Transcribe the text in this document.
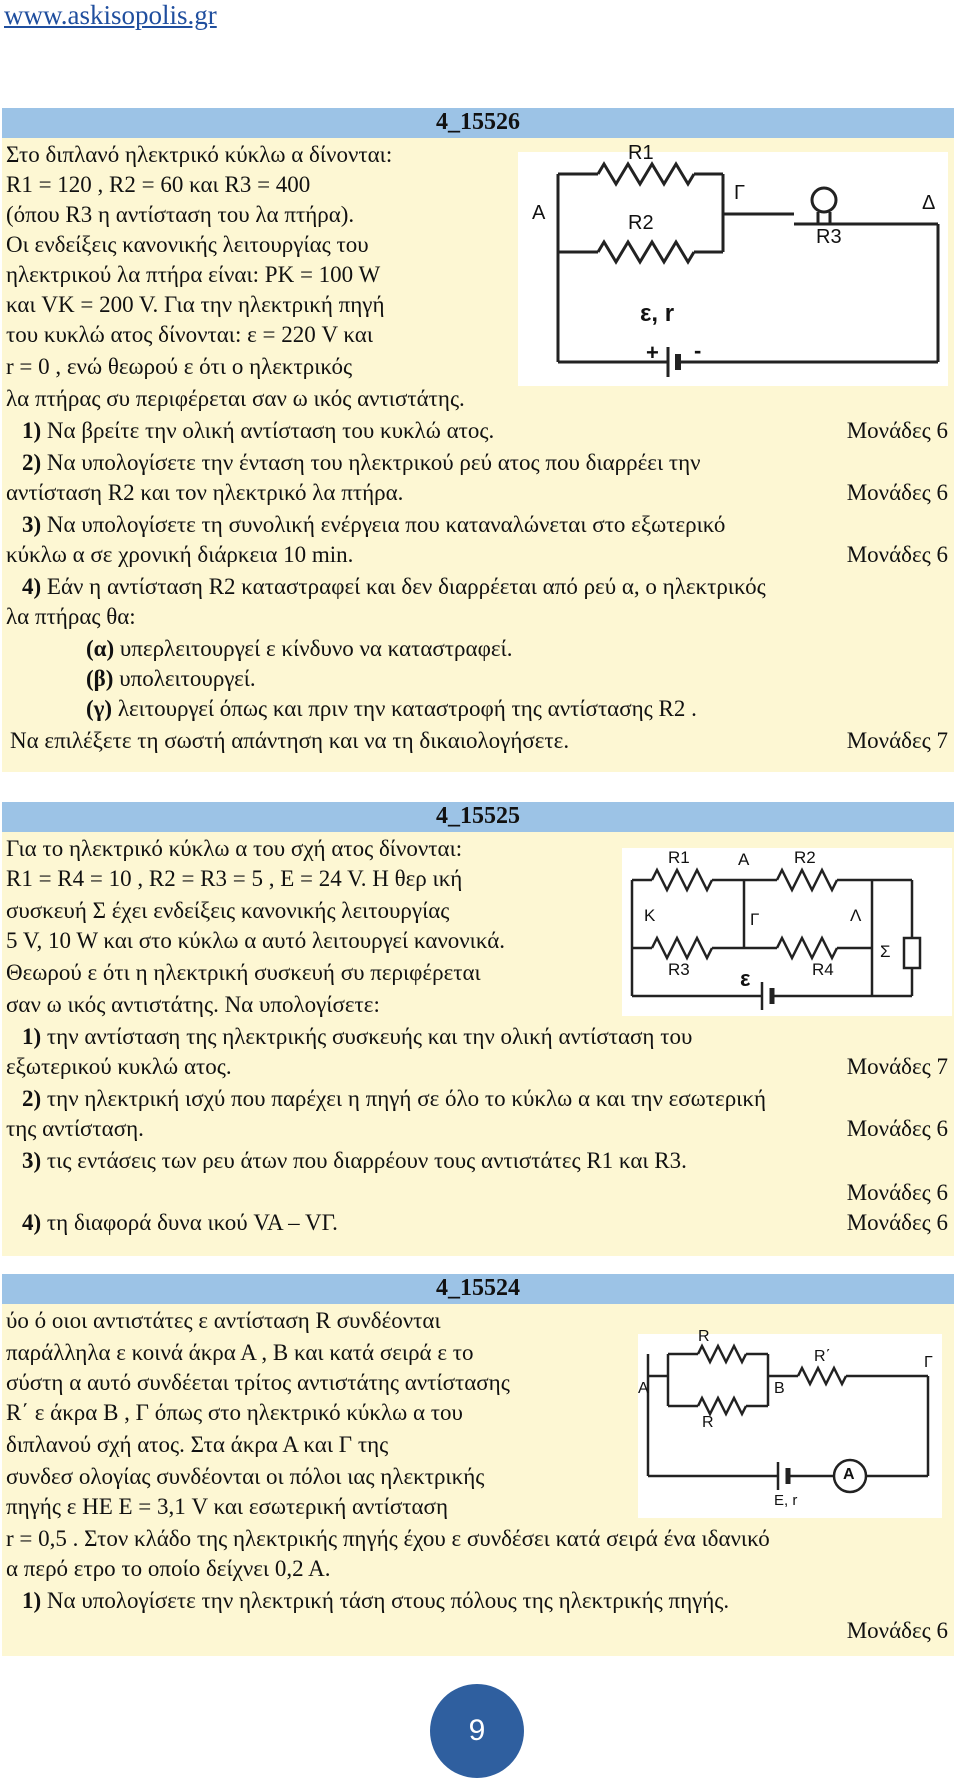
www.askisopolis.gr
4_15526
Στο διπλανό ηλεκτρικό κύκλω α δίνονται:
R1 = 120 , R2 = 60 και R3 = 400
(όπου R3 η αντίσταση του λα πτήρα).
Οι ενδείξεις κανονικής λειτουργίας του
ηλεκτρικού λα πτήρα είναι: PK = 100 W
και VK = 200 V. Για την ηλεκτρική πηγή
του κυκλώ ατος δίνονται: ε = 220 V και
r = 0 , ενώ θεωρού ε ότι ο ηλεκτρικός
λα πτήρας συ περιφέρεται σαν ω ικός αντιστάτης.
1) Να βρείτε την ολική αντίσταση του κυκλώ ατος.	Μονάδες 6
2) Να υπολογίσετε την ένταση του ηλεκτρικού ρεύ ατος που διαρρέει την
αντίσταση R2 και τον ηλεκτρικό λα πτήρα.	Μονάδες 6
3) Να υπολογίσετε τη συνολική ενέργεια που καταναλώνεται στο εξωτερικό
κύκλω α σε χρονική διάρκεια 10 min.	Μονάδες 6
4) Εάν η αντίσταση R2 καταστραφεί και δεν διαρρέεται από ρεύ α, ο ηλεκτρικός
λα πτήρας θα:
(α) υπερλειτουργεί ε κίνδυνο να καταστραφεί.
(β) υπολειτουργεί.
(γ) λειτουργεί όπως και πριν την καταστροφή της αντίστασης R2 .
Να επιλέξετε τη σωστή απάντηση και να τη δικαιολογήσετε.	Μονάδες 7
R1
R2
R3
Α
Γ	Δ
ε, r
+ -
4_15525
Για το ηλεκτρικό κύκλω α του σχή ατος δίνονται:
R1 = R4 = 10 , R2 = R3 = 5 , E = 24 V. Η θερ ική
συσκευή Σ έχει ενδείξεις κανονικής λειτουργίας
5 V, 10 W και στο κύκλω α αυτό λειτουργεί κανονικά.
Θεωρού ε ότι η ηλεκτρική συσκευή συ περιφέρεται
σαν ω ικός αντιστάτης. Να υπολογίσετε:
1) την αντίσταση της ηλεκτρικής συσκευής και την ολική αντίσταση του
εξωτερικού κυκλώ ατος.	Μονάδες 7
2) την ηλεκτρική ισχύ που παρέχει η πηγή σε όλο το κύκλω α και την εσωτερική
της αντίσταση.	Μονάδες 6
3) τις εντάσεις των ρευ άτων που διαρρέουν τους αντιστάτες R1 και R3.
Μονάδες 6
4) τη διαφορά δυνα ικού VA – VΓ.	Μονάδες 6
R1	A	R2
K	Λ
Γ
R3	R4
Σ
ε
4_15524
ύο ό οιοι αντιστάτες ε αντίσταση R συνδέονται
παράλληλα ε κοινά άκρα Α , Β και κατά σειρά ε το
σύστη α αυτό συνδέεται τρίτος αντιστάτης αντίστασης
R΄ ε άκρα Β , Γ όπως στο ηλεκτρικό κύκλω α του
διπλανού σχή ατος. Στα άκρα Α και Γ της
συνδεσ ολογίας συνδέονται οι πόλοι ιας ηλεκτρικής
πηγής ε ΗΕ Ε = 3,1 V και εσωτερική αντίσταση
r = 0,5 . Στον κλάδο της ηλεκτρικής πηγής έχου ε συνδέσει κατά σειρά ένα ιδανικό
α περό ετρο το οποίο δείχνει 0,2 Α.
1) Να υπολογίσετε την ηλεκτρική τάση στους πόλους της ηλεκτρικής πηγής.
Μονάδες 6
R
R΄
Α	Β
Γ
R
A
E, r
9
